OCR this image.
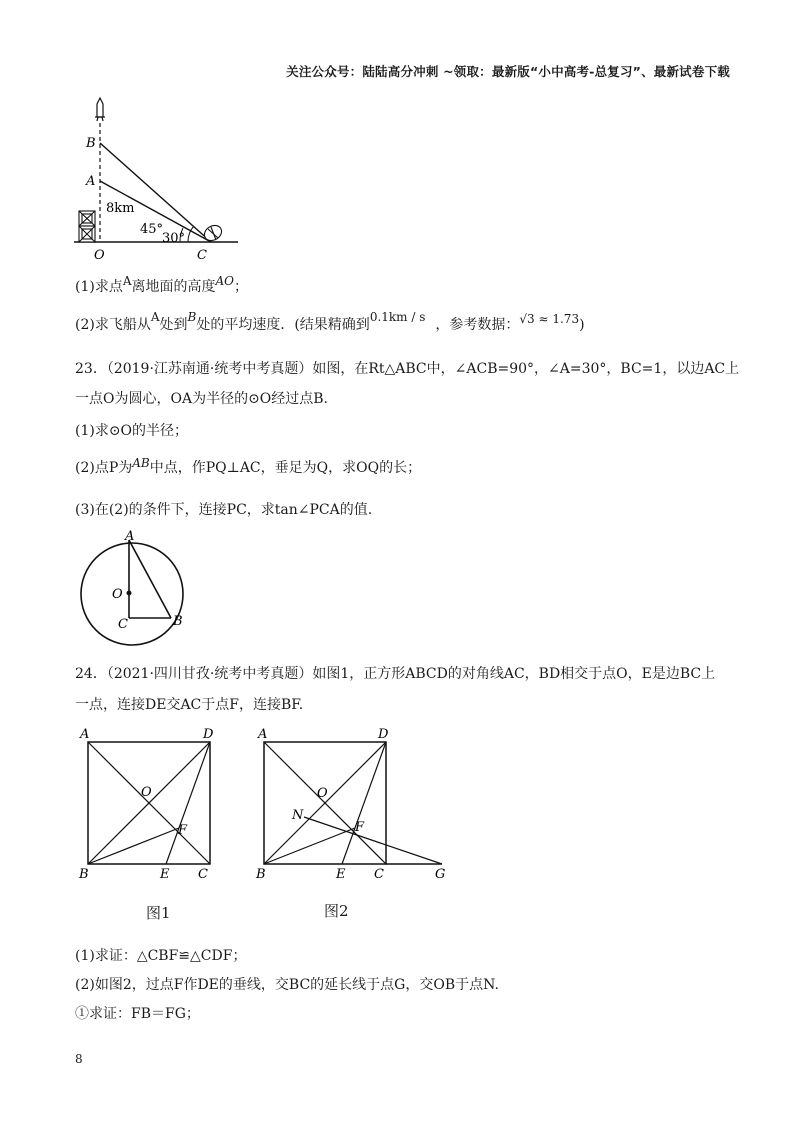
关注公众号：陆陆高分冲刺 ~领取：最新版“小中高考-总复习”、最新试卷下载
B
A
8km
45°
30°
O	C
(1)求点A离地面的高度AO；
(2)求飞船从A处到B处的平均速度．(结果精确到0.1km / s ，参考数据：√3 ≈ 1.73)
23．（2019·江苏南通·统考中考真题）如图，在Rt△ABC中，∠ACB=90°，∠A=30°，BC=1，以边AC上
一点O为圆心，OA为半径的⊙O经过点B.
(1)求⊙O的半径；
(2)点P为AB中点，作PQ⊥AC，垂足为Q，求OQ的长；
(3)在(2)的条件下，连接PC，求tan∠PCA的值.
A
O
C	B
24．（2021·四川甘孜·统考中考真题）如图1，正方形ABCD的对角线AC，BD相交于点O，E是边BC上
一点，连接DE交AC于点F，连接BF.
A	D
O
F
B	E C
图1
A	D
O
N
F
B	E C	G
图2
(1)求证：△CBF≌△CDF；
(2)如图2，过点F作DE的垂线，交BC的延长线于点G，交OB于点N.
①求证：FB＝FG；
8
